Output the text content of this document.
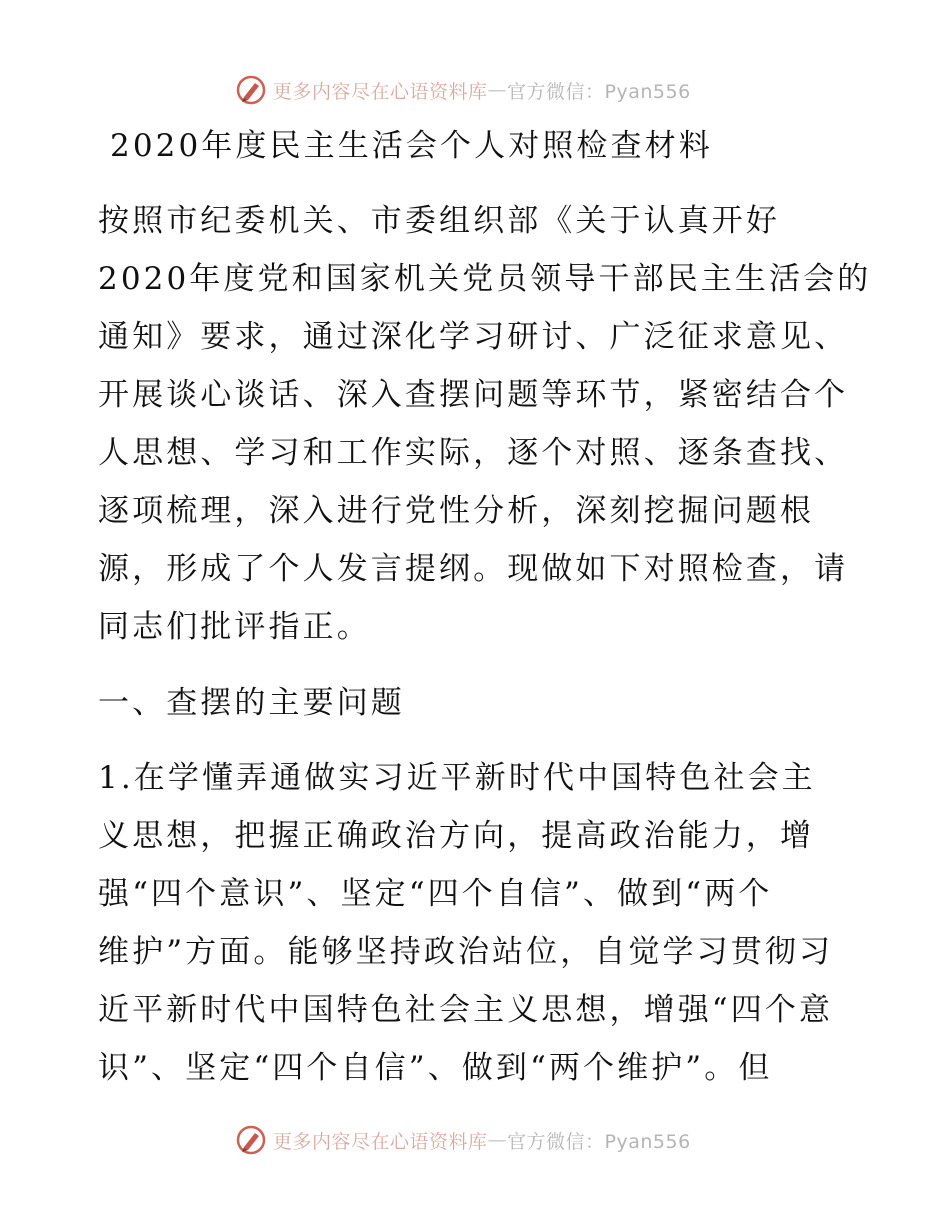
更多内容尽在心语资料库 — 官方微信：Pyan556
2020年度民主生活会个人对照检查材料
按照市纪委机关、市委组织部《关于认真开好
2020年度党和国家机关党员领导干部民主生活会的
通知》要求，通过深化学习研讨、广泛征求意见、
开展谈心谈话、深入查摆问题等环节，紧密结合个
人思想、学习和工作实际，逐个对照、逐条查找、
逐项梳理，深入进行党性分析，深刻挖掘问题根
源，形成了个人发言提纲。现做如下对照检查，请
同志们批评指正。
一、查摆的主要问题
1.在学懂弄通做实习近平新时代中国特色社会主
义思想，把握正确政治方向，提高政治能力，增
强“四个意识”、坚定“四个自信”、做到“两个
维护”方面。能够坚持政治站位，自觉学习贯彻习
近平新时代中国特色社会主义思想，增强“四个意
识”、坚定“四个自信”、做到“两个维护”。但
更多内容尽在心语资料库 — 官方微信：Pyan556
